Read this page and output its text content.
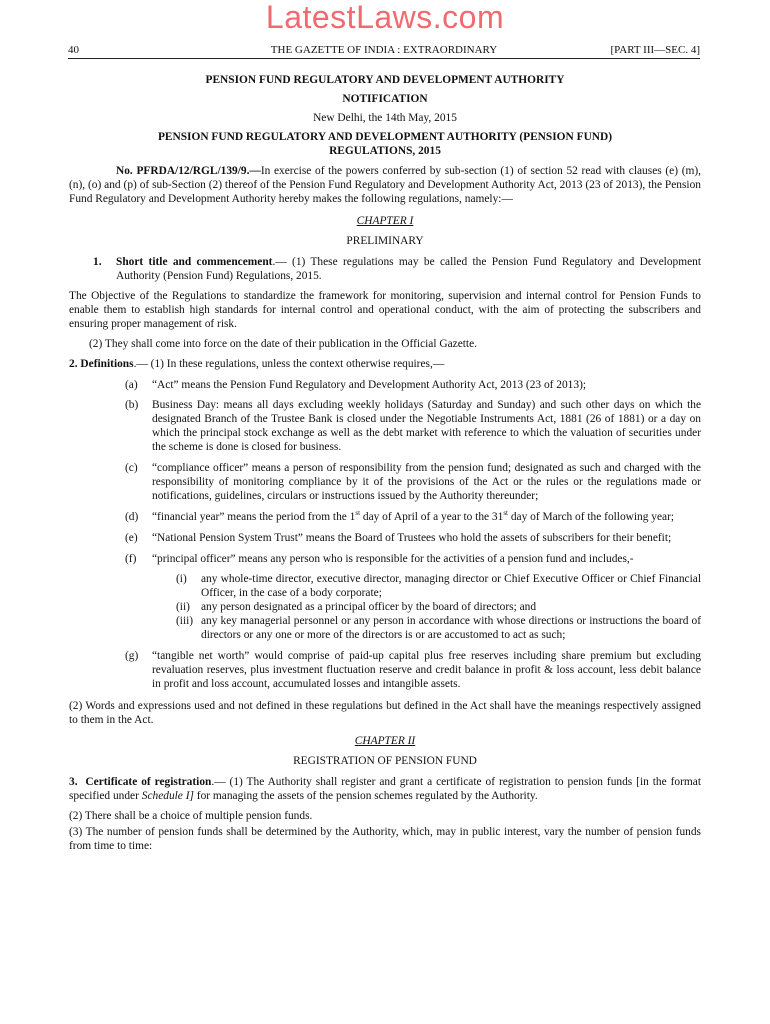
LatestLaws.com
THE GAZETTE OF INDIA : EXTRAORDINARY
40	[PART III—SEC. 4]

PENSION FUND REGULATORY AND DEVELOPMENT AUTHORITY

NOTIFICATION

New Delhi, the 14th May, 2015

PENSION FUND REGULATORY AND DEVELOPMENT AUTHORITY (PENSION FUND)

REGULATIONS, 2015

No. PFRDA/12/RGL/139/9.—In exercise of the powers conferred by sub-section (1) of section 52 read with clauses (e) (m), (n), (o) and (p) of sub-Section (2) thereof of the Pension Fund Regulatory and Development Authority Act, 2013 (23 of 2013), the Pension Fund Regulatory and Development Authority hereby makes the following regulations, namely:—

CHAPTER I

PRELIMINARY

1.	Short title and commencement.— (1) These regulations may be called the Pension Fund Regulatory and Development Authority (Pension Fund) Regulations, 2015.

The Objective of the Regulations to standardize the framework for monitoring, supervision and internal control for Pension Funds to enable them to establish high standards for internal control and operational conduct, with the aim of protecting the subscribers and ensuring proper management of risk.

(2) They shall come into force on the date of their publication in the Official Gazette.

2. Definitions.— (1) In these regulations, unless the context otherwise requires,—

(a)	“Act” means the Pension Fund Regulatory and Development Authority Act, 2013 (23 of 2013);
(b)	Business Day: means all days excluding weekly holidays (Saturday and Sunday) and such other days on which the designated Branch of the Trustee Bank is closed under the Negotiable Instruments Act, 1881 (26 of 1881) or a day on which the principal stock exchange as well as the debt market with reference to which the valuation of securities under the scheme is done is closed for business.
(c)	“compliance officer” means a person of responsibility from the pension fund; designated as such and charged with the responsibility of monitoring compliance by it of the provisions of the Act or the rules or the regulations made or notifications, guidelines, circulars or instructions issued by the Authority thereunder;
(d)	“financial year” means the period from the 1st day of April of a year to the 31st day of March of the following year;
(e)	“National Pension System Trust” means the Board of Trustees who hold the assets of subscribers for their benefit;
(f)	“principal officer” means any person who is responsible for the activities of a pension fund and includes,-
(i)	any whole-time director, executive director, managing director or Chief Executive Officer or Chief Financial Officer, in the case of a body corporate;
(ii) any person designated as a principal officer by the board of directors; and
(iii) any key managerial personnel or any person in accordance with whose directions or instructions the board of directors or any one or more of the directors is or are accustomed to act as such;
(g)	“tangible net worth” would comprise of paid-up capital plus free reserves including share premium but excluding revaluation reserves, plus investment fluctuation reserve and credit balance in profit & loss account, less debit balance in profit and loss account, accumulated losses and intangible assets.

(2) Words and expressions used and not defined in these regulations but defined in the Act shall have the meanings respectively assigned to them in the Act.

CHAPTER II

REGISTRATION OF PENSION FUND

3. Certificate of registration.— (1) The Authority shall register and grant a certificate of registration to pension funds [in the format specified under Schedule I] for managing the assets of the pension schemes regulated by the Authority.

(2) There shall be a choice of multiple pension funds.

(3) The number of pension funds shall be determined by the Authority, which, may in public interest, vary the number of pension funds from time to time:
